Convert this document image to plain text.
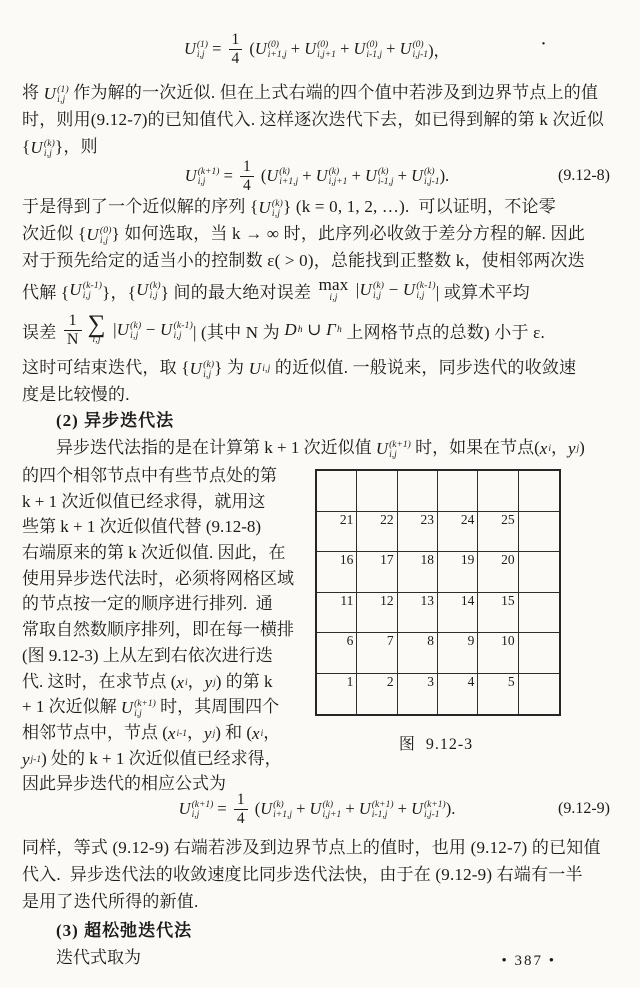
U (1)
$i,j = \frac{1}{4}$ ( U (0)
i+1,j + U (0)
i,j+1 + U (0)
i-1,j + U (0)
i,j-1 )，	·
将 U (1)
i,j 作为解的一次近似. 但在上式右端的四个值中若涉及到边界节点上的值
时，则用(9.12-7)的已知值代入. 这样逐次迭代下去，如已得到解的第 k 次近似
{ U (k)
i,j }，则
U (k+1)
$i,j = \frac{1}{4}$ ( U (k)
i+1,j + U (k)
i,j+1 + U (k)
i-1,j + U (k)
i,j-1 ).	(9.12-8)
于是得到了一个近似解的序列 { U (k)
i,j } (k = 0, 1, 2, …).  可以证明，不论零
次近似 { U (0)
i,j } 如何选取，当 k → ∞ 时，此序列必收敛于差分方程的解. 因此
对于预先给定的适当小的控制数 ε( > 0)，总能找到正整数 k，使相邻两次迭
代解 { U (k-1)
i,j }，{ U (k)
i,j } 间的最大绝对误差 max
i,j | U (k)
i,j − U (k-1)
i,j | 或算术平均
误差 $\frac{1}{N}$ ∑
i,j
| U (k)
i,j − U (k-1)
i,j | (其中 N 为 D h ∪ Γ h 上网格节点的总数) 小于 ε.
这时可结束迭代，取 { U (k)
i,j } 为 U i,j 的近似值. 一般说来，同步迭代的收敛速
度是比较慢的.
(2) 异步迭代法
异步迭代法指的是在计算第 k + 1 次近似值 U (k+1)
i,j 时，如果在节点( x i ， y j )
的四个相邻节点中有些节点处的第
k + 1 次近似值已经求得，就用这
些第 k + 1 次近似值代替 (9.12-8)
右端原来的第 k 次近似值. 因此，在
使用异步迭代法时，必须将网格区域
的节点按一定的顺序进行排列.  通
常取自然数顺序排列，即在每一横排
(图 9.12-3) 上从左到右依次进行迭
代. 这时，在求节点 ( x i ， y j ) 的第 k
+ 1 次近似解 U (k+1)
i,j 时，其周围四个
相邻节点中，节点 ( x i-1 ， y j ) 和 ( x i ，
y j-1 ) 处的 k + 1 次近似值已经求得，
因此异步迭代的相应公式为
21 22 23 24 25
16 17 18 19 20
11 12 13 14 15
6 7 8 9 10
1 2 3 4 5
图  9.12-3
U (k+1)
$i,j = \frac{1}{4}$ ( U (k)
i+1,j + U (k)
i,j+1 + U (k+1)
i-1,j + U (k+1)
i,j-1 ).	(9.12-9)
同样，等式 (9.12-9) 右端若涉及到边界节点上的值时，也用 (9.12-7) 的已知值
代入.  异步迭代法的收敛速度比同步迭代法快，由于在 (9.12-9) 右端有一半
是用了迭代所得的新值.
(3) 超松弛迭代法
迭代式取为	• 387 •
